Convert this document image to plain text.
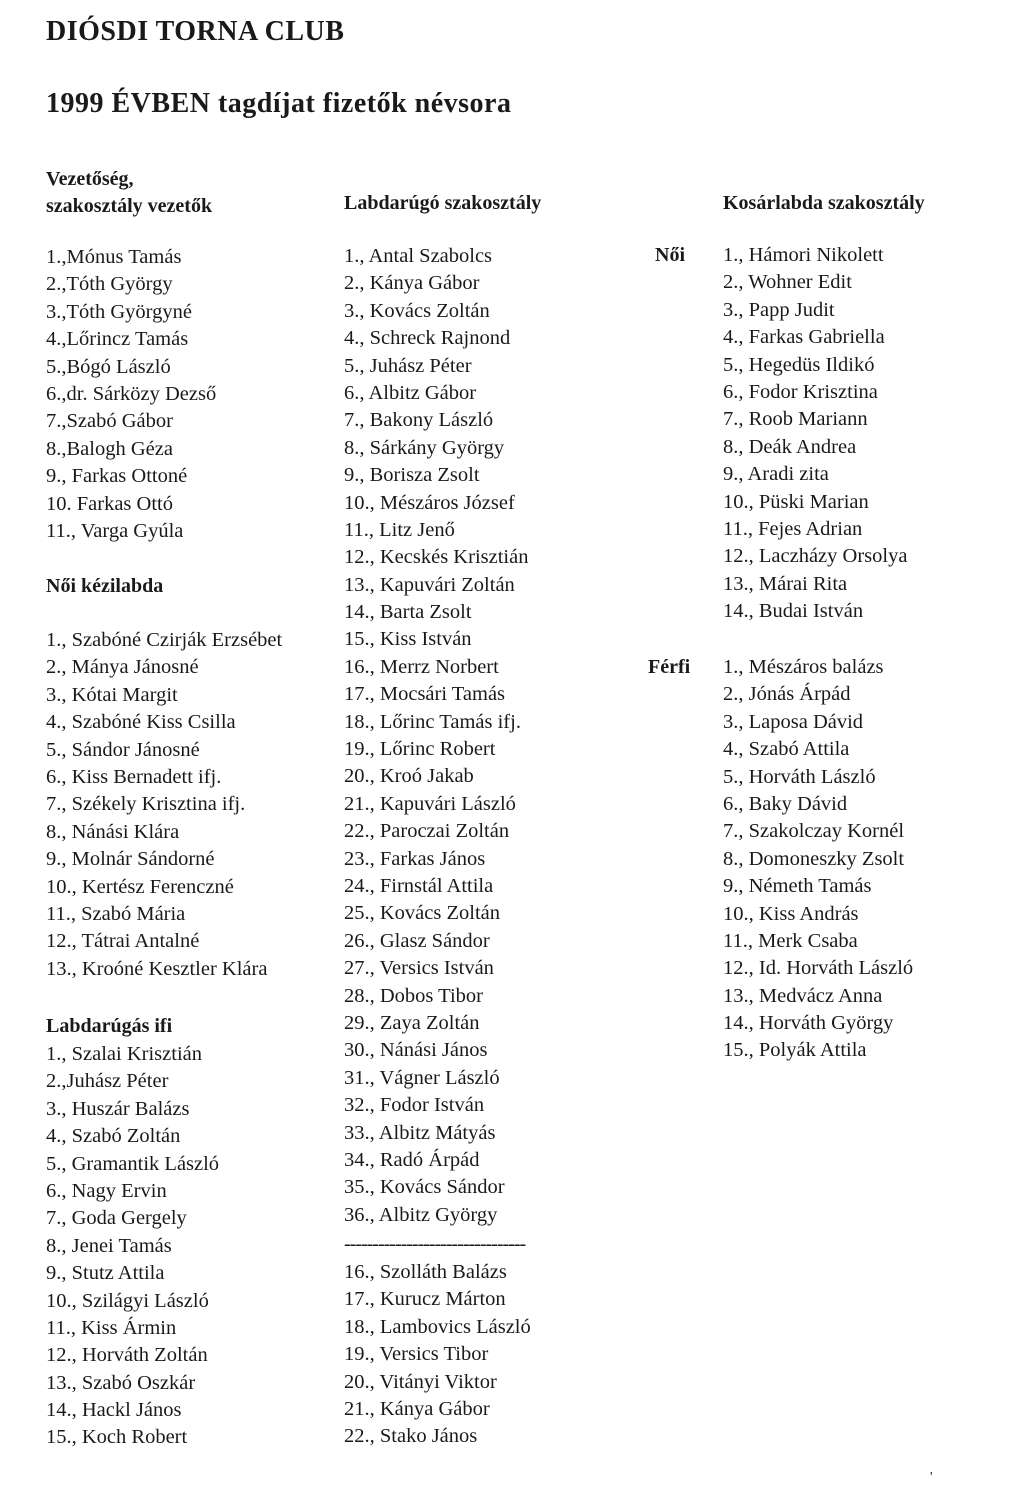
DIÓSDI TORNA CLUB
1999 ÉVBEN tagdíjat fizetők névsora
Vezetőség,
szakosztály vezetők
1.,Mónus Tamás
2.,Tóth György
3.,Tóth Györgyné
4.,Lőrincz Tamás
5.,Bógó László
6.,dr. Sárközy Dezső
7.,Szabó Gábor
8.,Balogh Géza
9., Farkas Ottoné
10. Farkas Ottó
11., Varga Gyúla
Női kézilabda
1., Szabóné Czirják Erzsébet
2., Mánya Jánosné
3., Kótai Margit
4., Szabóné Kiss Csilla
5., Sándor Jánosné
6., Kiss Bernadett ifj.
7., Székely Krisztina ifj.
8., Nánási Klára
9., Molnár Sándorné
10., Kertész Ferenczné
11., Szabó Mária
12., Tátrai Antalné
13., Kroóné Kesztler Klára
Labdarúgás ifi
1., Szalai Krisztián
2.,Juhász Péter
3., Huszár Balázs
4., Szabó Zoltán
5., Gramantik László
6., Nagy Ervin
7., Goda Gergely
8., Jenei Tamás
9., Stutz Attila
10., Szilágyi László
11., Kiss Ármin
12., Horváth Zoltán
13., Szabó Oszkár
14., Hackl János
15., Koch Robert
Labdarúgó szakosztály
1., Antal Szabolcs
2., Kánya Gábor
3., Kovács Zoltán
4., Schreck Rajnond
5., Juhász Péter
6., Albitz Gábor
7., Bakony László
8., Sárkány György
9., Borisza Zsolt
10., Mészáros József
11., Litz Jenő
12., Kecskés Krisztián
13., Kapuvári Zoltán
14., Barta Zsolt
15., Kiss István
16., Merrz Norbert
17., Mocsári Tamás
18., Lőrinc Tamás ifj.
19., Lőrinc Robert
20., Kroó Jakab
21., Kapuvári László
22., Paroczai Zoltán
23., Farkas János
24., Firnstál Attila
25., Kovács Zoltán
26., Glasz Sándor
27., Versics István
28., Dobos Tibor
29., Zaya Zoltán
30., Nánási János
31., Vágner László
32., Fodor István
33., Albitz Mátyás
34., Radó Árpád
35., Kovács Sándor
36., Albitz György
--------------------------------
16., Szolláth Balázs
17., Kurucz Márton
18., Lambovics László
19., Versics Tibor
20., Vitányi Viktor
21., Kánya Gábor
22., Stako János
Kosárlabda szakosztály
Női 1., Hámori Nikolett
2., Wohner Edit
3., Papp Judit
4., Farkas Gabriella
5., Hegedüs Ildikó
6., Fodor Krisztina
7., Roob Mariann
8., Deák Andrea
9., Aradi zita
10., Püski Marian
11., Fejes Adrian
12., Laczházy Orsolya
13., Márai Rita
14., Budai István
Férfi 1., Mészáros balázs
2., Jónás Árpád
3., Laposa Dávid
4., Szabó Attila
5., Horváth László
6., Baky Dávid
7., Szakolczay Kornél
8., Domoneszky Zsolt
9., Németh Tamás
10., Kiss András
11., Merk Csaba
12., Id. Horváth László
13., Medvácz Anna
14., Horváth György
15., Polyák Attila
'
